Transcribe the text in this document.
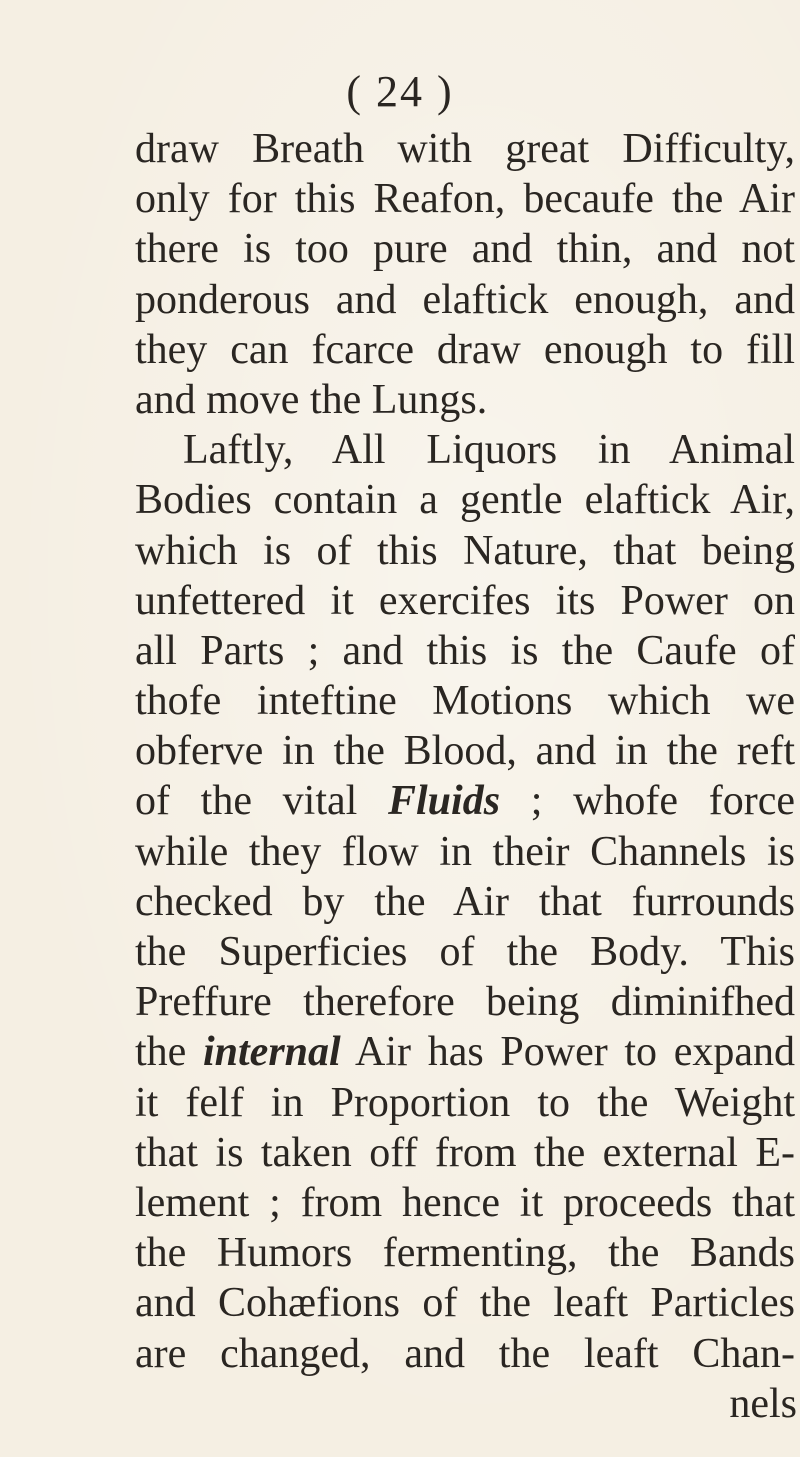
( 24 )
draw Breath with great Difficulty,
only for this Reafon, becaufe the Air
there is too pure and thin, and not
ponderous and elaftick enough, and
they can fcarce draw enough to fill
and move the Lungs.
Laftly, All Liquors in Animal
Bodies contain a gentle elaftick Air,
which is of this Nature, that being
unfettered it exercifes its Power on
all Parts ; and this is the Caufe of
thofe inteftine Motions which we
obferve in the Blood, and in the reft
of the vital Fluids ; whofe force
while they flow in their Channels is
checked by the Air that furrounds
the Superficies of the Body. This
Preffure therefore being diminifhed
the internal Air has Power to expand
it felf in Proportion to the Weight
that is taken off from the external E-
lement ; from hence it proceeds that
the Humors fermenting, the Bands
and Cohæfions of the leaft Particles
are changed, and the leaft Chan-
nels
